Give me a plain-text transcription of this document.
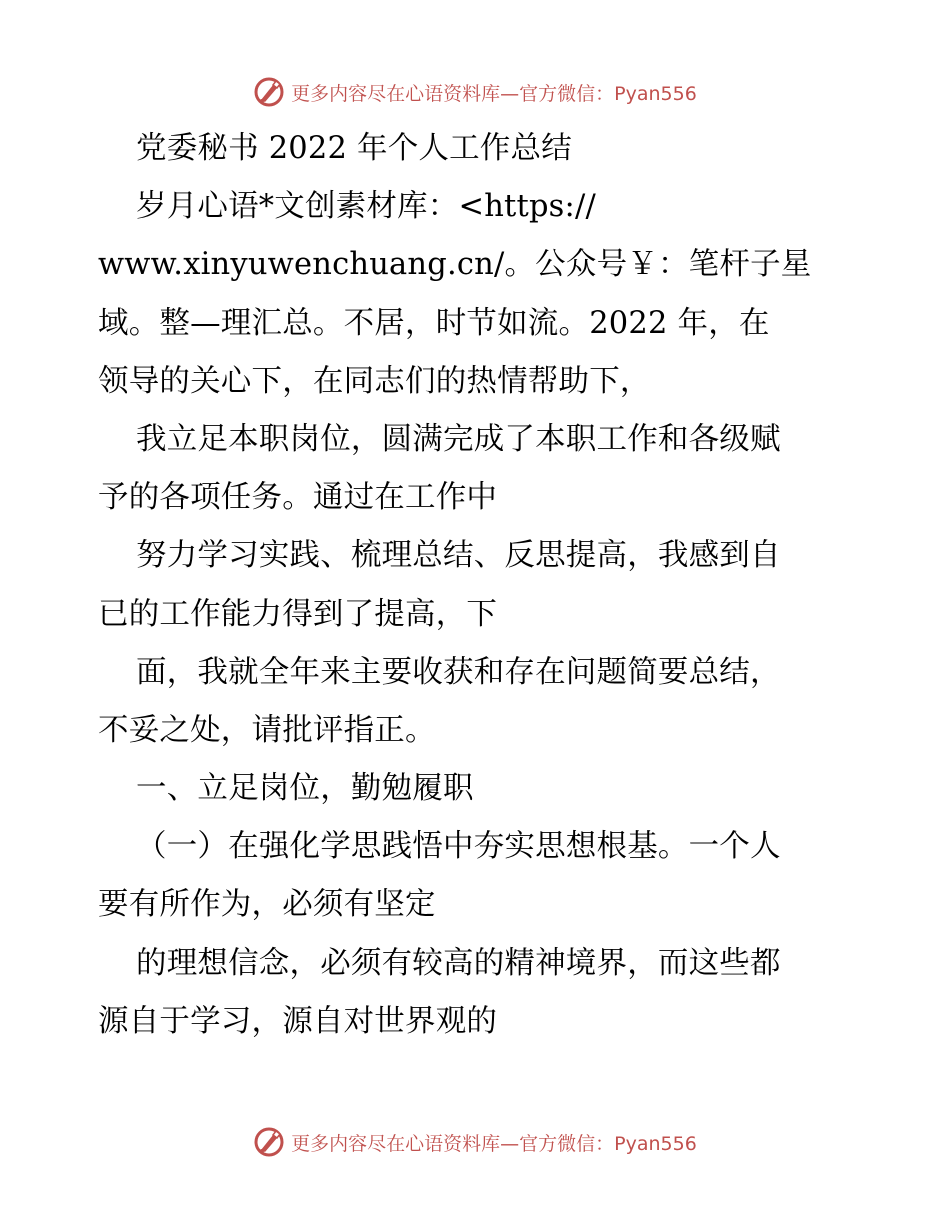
更多内容尽在心语资料库—官方微信：Pyan556
党委秘书 2022 年个人工作总结
岁月心语*文创素材库：<https://
www.xinyuwenchuang.cn/。公众号￥：笔杆子星
域。整—理汇总。不居，时节如流。2022 年，在
领导的关心下，在同志们的热情帮助下，
我立足本职岗位，圆满完成了本职工作和各级赋
予的各项任务。通过在工作中
努力学习实践、梳理总结、反思提高，我感到自
已的工作能力得到了提高，下
面，我就全年来主要收获和存在问题简要总结，
不妥之处，请批评指正。
一、立足岗位，勤勉履职
（一）在强化学思践悟中夯实思想根基。一个人
要有所作为，必须有坚定
的理想信念，必须有较高的精神境界，而这些都
源自于学习，源自对世界观的
更多内容尽在心语资料库—官方微信：Pyan556
